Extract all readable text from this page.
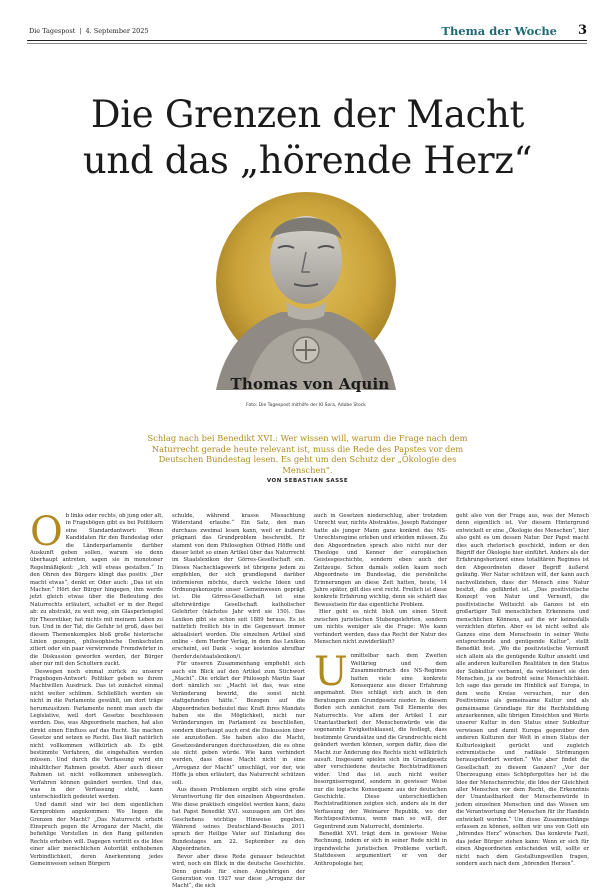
Die Tagespost | 4. September 2025	Thema der Woche 3
Die Grenzen der Macht
und das „hörende Herz“
Thomas von Aquin
Foto: Die Tagespost mithilfe der KI Sora, Adobe Stock
Schlag nach bei Benedikt XVI.: Wer wissen will, warum die Frage nach dem Naturrecht gerade heute relevant ist, muss die Rede des Papstes vor dem Deutschen Bundestag lesen. Es geht um den Schutz der „Ökologie des Menschen“.
VON SEBASTIAN SASSE

Ob links oder rechts, ob jung oder alt, in Fragebögen gibt es bei Politikern eine Standardantwort: Wenn Kandidaten für den Bundestag oder die Länderparlamente darüber Auskunft geben sollen, warum sie denn überhaupt antreten, sagen sie in monotoner Regelmäßigkeit: „Ich will etwas gestalten.“ In den Ohren des Bürgers klingt das positiv. „Der macht etwas“, denkt er. Oder auch: „Das ist ein Macher.“ Hört der Bürger hingegen, ihm werde jetzt gleich etwas über die Bedeutung des Naturrechts erläutert, schaltet er in der Regel ab: zu abstrakt, zu weit weg, ein Glasperlenspiel für Theoretiker, hat nichts mit meinem Leben zu tun. Und in der Tat, die Gefahr ist groß, dass bei diesem Themenkomplex bloß große historische Linien gezogen, philosophische Denkschulen zitiert oder ein paar verwirrende Fremdwörter in die Diskussion geworfen werden, der Bürger aber nur mit den Schultern zuckt.

Deswegen noch einmal zurück zu unserer Fragebogen-Antwort: Politiker geben so ihrem Machtwillen Ausdruck. Das ist zunächst einmal nicht weiter schlimm. Schließlich werden sie nicht in die Parlamente gewählt, um dort träge herumzusitzen. Parlamente nennt man auch die Legislative, weil dort Gesetze beschlossen werden. Das, was Abgeordnete machen, hat also direkt einen Einfluss auf das Recht. Sie machen Gesetze und setzen so Recht. Das läuft natürlich nicht vollkommen willkürlich ab. Es gibt bestimmte Verfahren, die eingehalten werden müssen. Und durch die Verfassung wird ein inhaltlicher Rahmen gesetzt. Aber auch dieser Rahmen ist nicht vollkommen unbeweglich. Verfahren können geändert werden. Und das, was in der Verfassung steht, kann unterschiedlich gedeutet werden.

Und damit sind wir bei dem eigentlichen Kernproblem angekommen: Wo liegen die Grenzen der Macht? „Das Naturrecht erhebt Einspruch gegen die Arroganz der Macht, die befiehlige Vorstellen in den Rang geltenden Rechts erheben will. Dagegen vertritt es die Idee einer aller menschlichen Autorität enthobenen Verbindlichkeit, deren Anerkennung jedes Gemeinwesen seinen Bürgern

schulde, während krasse Missachtung Widerstand erlaube.“ Ein Satz, den man durchaus zweimal lesen kann, weil er äußerst prägnant das Grundproblem beschreibt. Er stammt von dem Philosophen Otfried Höffe und dieser leitet so einen Artikel über das Naturrecht im Staatslexikon der Görres-Gesellschaft ein. Dieses Nachschlagewerk ist übrigens jedem zu empfehlen, der sich grundlegend darüber informieren möchte, durch welche Ideen und Ordnungskonzepte unser Gemeinwesen geprägt ist. Die Görres-Gesellschaft ist eine altehrwürdige Gesellschaft katholischer Gelehrter (nächstes Jahr wird sie 150). Das Lexikon gibt sie schon seit 1889 heraus. Es ist natürlich freilich bis in die Gegenwart immer aktualisiert worden. Die einzelnen Artikel sind online – dem Herder Verlag, in dem das Lexikon erscheint, sei Dank – sogar kostenlos abrufbar (herder.de/staatslexikon/).

Für unseren Zusammenhang empfiehlt sich auch ein Blick auf den Artikel zum Stichwort „Macht“. Die erklärt der Philosoph Martin Saar dort nämlich so: „Macht ist das, was eine Veränderung bewirkt, die sonst nicht stattgefunden hätte.“ Bezogen auf die Abgeordneten bedeutet das: Kraft ihres Mandats haben sie die Möglichkeit, nicht nur Veränderungen im Parlament zu beschließen, sondern überhaupt auch erst die Diskussion über sie anzustoßen. Sie haben also die Macht, Gesetzesänderungen durchzusetzen, die es ohne sie nicht geben würde. Wie kann verhindert werden, dass diese Macht nicht in eine „Arroganz der Macht“ umschlägt, vor der, wie Höffe ja oben erläutert, das Naturrecht schützen soll.

Aus diesen Problemen ergibt sich eine große Verantwortung für den einzelnen Abgeordneten. Wie diese praktisch eingelöst werden kann, dazu hat Papst Benedikt XVI. sozusagen am Ort des Geschehens wichtige Hinweise gegeben. Während seines Deutschland-Besuchs 2011 sprach der Heilige Vater auf Einladung des Bundestages am 22. September zu den Abgeordneten.

Bevor aber diese Rede genauer beleuchtet wird, noch ein Blick in die deutsche Geschichte. Denn gerade für einen Angehörigen der Generation von 1927 war diese „Arroganz der Macht“, die sich

auch in Gesetzen niederschlug, aber trotzdem Unrecht war, nichts Abstraktes. Joseph Ratzinger hatte als junger Mann ganz konkret das NS-Unrechtsregime erleben und erleiden müssen. Zu den Abgeordneten sprach also nicht nur der Theologe und Kenner der europäischen Geistesgeschichte, sondern eben auch der Zeitzeuge. Schon damals sollen kaum noch Abgeordnete im Bundestag, die persönliche Erinnerungen an diese Zeit hatten, heute, 14 Jahre später, gilt dies erst recht. Freilich ist diese konkrete Erfahrung wichtig, denn sie schärft das Bewusstsein für das eigentliche Problem.

Hier geht es nicht bloß um einen Streit zwischen juristischen Stubengelehrten, sondern um nichts weniger als die Frage: Wie kann verhindert werden, dass das Recht der Natur des Menschen nicht zuwiderläuft?

Unmittelbar nach dem Zweiten Weltkrieg und dem Zusammenbruch des NS-Regimes hatten viele eine konkrete Konsequenz aus dieser Erfahrung angemahnt. Dies schlägt sich auch in den Beratungen zum Grundgesetz nieder. In diesem Boden sich zunächst zum Teil Elemente des Naturrechts. Vor allem der Artikel 1 zur Unantastbarkeit der Menschenwürde wie die sogenannte Ewigkeitsklausel, die festlegt, dass bestimmte Grundsätze und die Grundrechte nicht geändert werden können, sorgen dafür, dass die Macht zur Änderung des Rechts nicht willkürlich ausuft. Insgesamt spielen sich im Grundgesetz aber verschiedene deutsche Rechtstraditionen wider. Und das ist auch nicht weiter besorgniserregend, sondern in gewisser Weise nur die logische Konsequenz aus der deutschen Geschichte. Diese unterschiedlichen Rechtstraditionen zeigten sich, anders als in der Verfassung der Weimarer Republik, wo der Rechtspositivismus, wenn man so will, der Gegentrend zum Naturrecht, dominierte.

Benedikt XVI. trägt dem in gewisser Weise Rechnung, indem er sich in seiner Rede nicht in irgendwelche juristischen Probleme vertieft. Stattdessen argumentiert er von der Anthropologie her,

geht also von der Frage aus, was der Mensch denn eigentlich ist. Vor diesem Hintergrund entwickelt er eine „Ökologie des Menschen“, hier also geht es um dessen Natur. Der Papst macht dies auch rhetorisch geschickt, indem er den Begriff der Ökologie hier einführt. Anders als der Erfahrungshorizont eines totalitären Regimes ist den Abgeordneten dieser Begriff äußerst geläufig. Wer Natur schützen will, der kann auch nachvollziehen, dass der Mensch eine Natur besitzt, die gefährdet ist. „Das positivistische Konzept von Natur und Vernunft, die positivistische Weltsicht als Ganzes ist ein großartiger Teil menschlichen Erkennens und menschlichen Könnens, auf die wir keinesfalls verzichten dürfen. Aber es ist nicht selbst als Ganzes eine dem Menschsein in seiner Weite entsprechende und genügende Kultur“, stellt Benedikt fest. „Wo die positivistische Vernunft sich allein als die genügende Kultur ansieht und alle anderen kulturellen Realitäten in den Status der Subkultur verbannt, da verkleinert sie den Menschen, ja sie bedroht seine Menschlichkeit. Ich sage das gerade im Hinblick auf Europa, in dem weite Kreise versuchen, nur den Positivismus als gemeinsame Kultur und als gemeinsame Grundlage für die Rechtsbildung anzuerkennen, alle übrigen Einsichten und Werte unserer Kultur in den Status einer Subkultur verwiesen und damit Europa gegenüber den anderen Kulturen der Welt in einen Status der Kulturlosigkeit gerückt und zugleich extremistische und radikale Strömungen herausgefordert werden.“ Wie aber findet die Gesellschaft zu diesem Ganzen? „Vor der Überzeugung eines Schöpfergottes her ist die Idee der Menschenrechte, die Idee der Gleichheit aller Menschen vor dem Recht, die Erkenntnis der Unantastbarkeit der Menschenwürde in jedem einzelnen Menschen und das Wissen um die Verantwortung der Menschen für ihr Handeln entwickelt worden.“ Um diese Zusammenhänge erfassen zu können, sollten wir uns von Gott ein „hörendes Herz“ wünschen. Das konkrete Fazit, das jeder Bürger ziehen kann: Wenn er sich für einen Abgeordneten entscheiden will, sollte er nicht nach dem Gestaltungswillen fragen, sondern auch nach dem „hörenden Herzen“.
